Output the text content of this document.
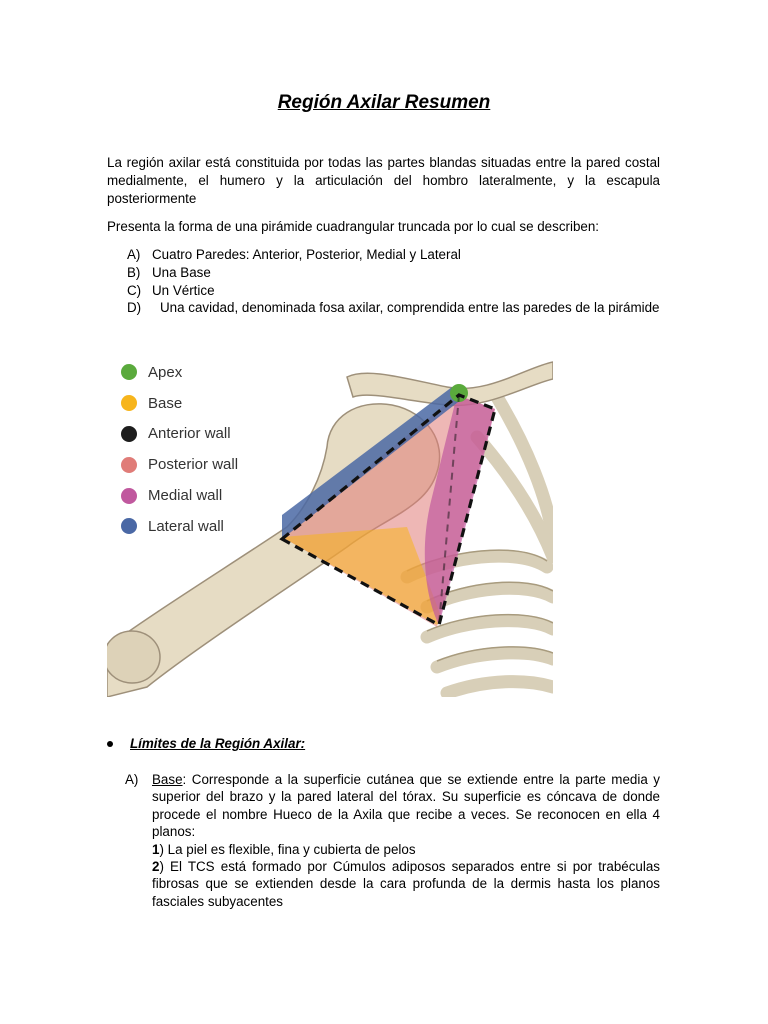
Región Axilar Resumen
La región axilar está constituida por todas las partes blandas situadas entre la pared costal medialmente, el humero y la articulación del hombro lateralmente, y la escapula posteriormente
Presenta la forma de una pirámide cuadrangular truncada por lo cual se describen:
A) Cuatro Paredes: Anterior, Posterior, Medial y Lateral
B) Una Base
C) Un Vértice
D)	Una cavidad, denominada fosa axilar, comprendida entre las paredes de la pirámide
Apex
Base
Anterior wall
Posterior wall
Medial wall
Lateral wall
Límites de la Región Axilar:
A)	Base: Corresponde a la superficie cutánea que se extiende entre la parte media y superior del brazo y la pared lateral del tórax. Su superficie es cóncava de donde procede el nombre Hueco de la Axila que recibe a veces. Se reconocen en ella 4 planos:
1) La piel es flexible, fina y cubierta de pelos
2) El TCS está formado por Cúmulos adiposos separados entre si por trabéculas fibrosas que se extienden desde la cara profunda de la dermis hasta los planos fasciales subyacentes
